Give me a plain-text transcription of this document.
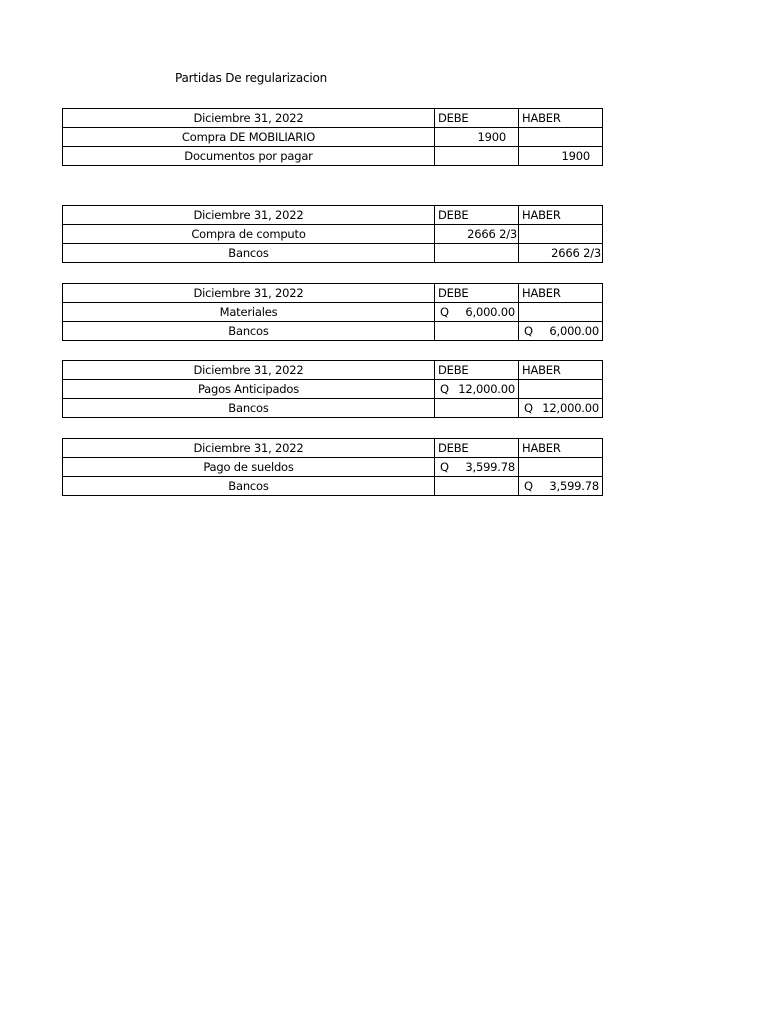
Partidas De regularizacion
Diciembre 31, 2022	DEBE	HABER
Compra DE MOBILIARIO	1900	
Documentos por pagar		1900
Diciembre 31, 2022	DEBE	HABER
Compra de computo	2666 2/3	
Bancos		2666 2/3
Diciembre 31, 2022	DEBE	HABER
Materiales	Q 6,000.00	

Bancos		Q 6,000.00
Diciembre 31, 2022	DEBE	HABER
Pagos Anticipados	Q 12,000.00	

Bancos		Q 12,000.00
Diciembre 31, 2022	DEBE	HABER
Pago de sueldos	Q 3,599.78	

Bancos		Q 3,599.78
